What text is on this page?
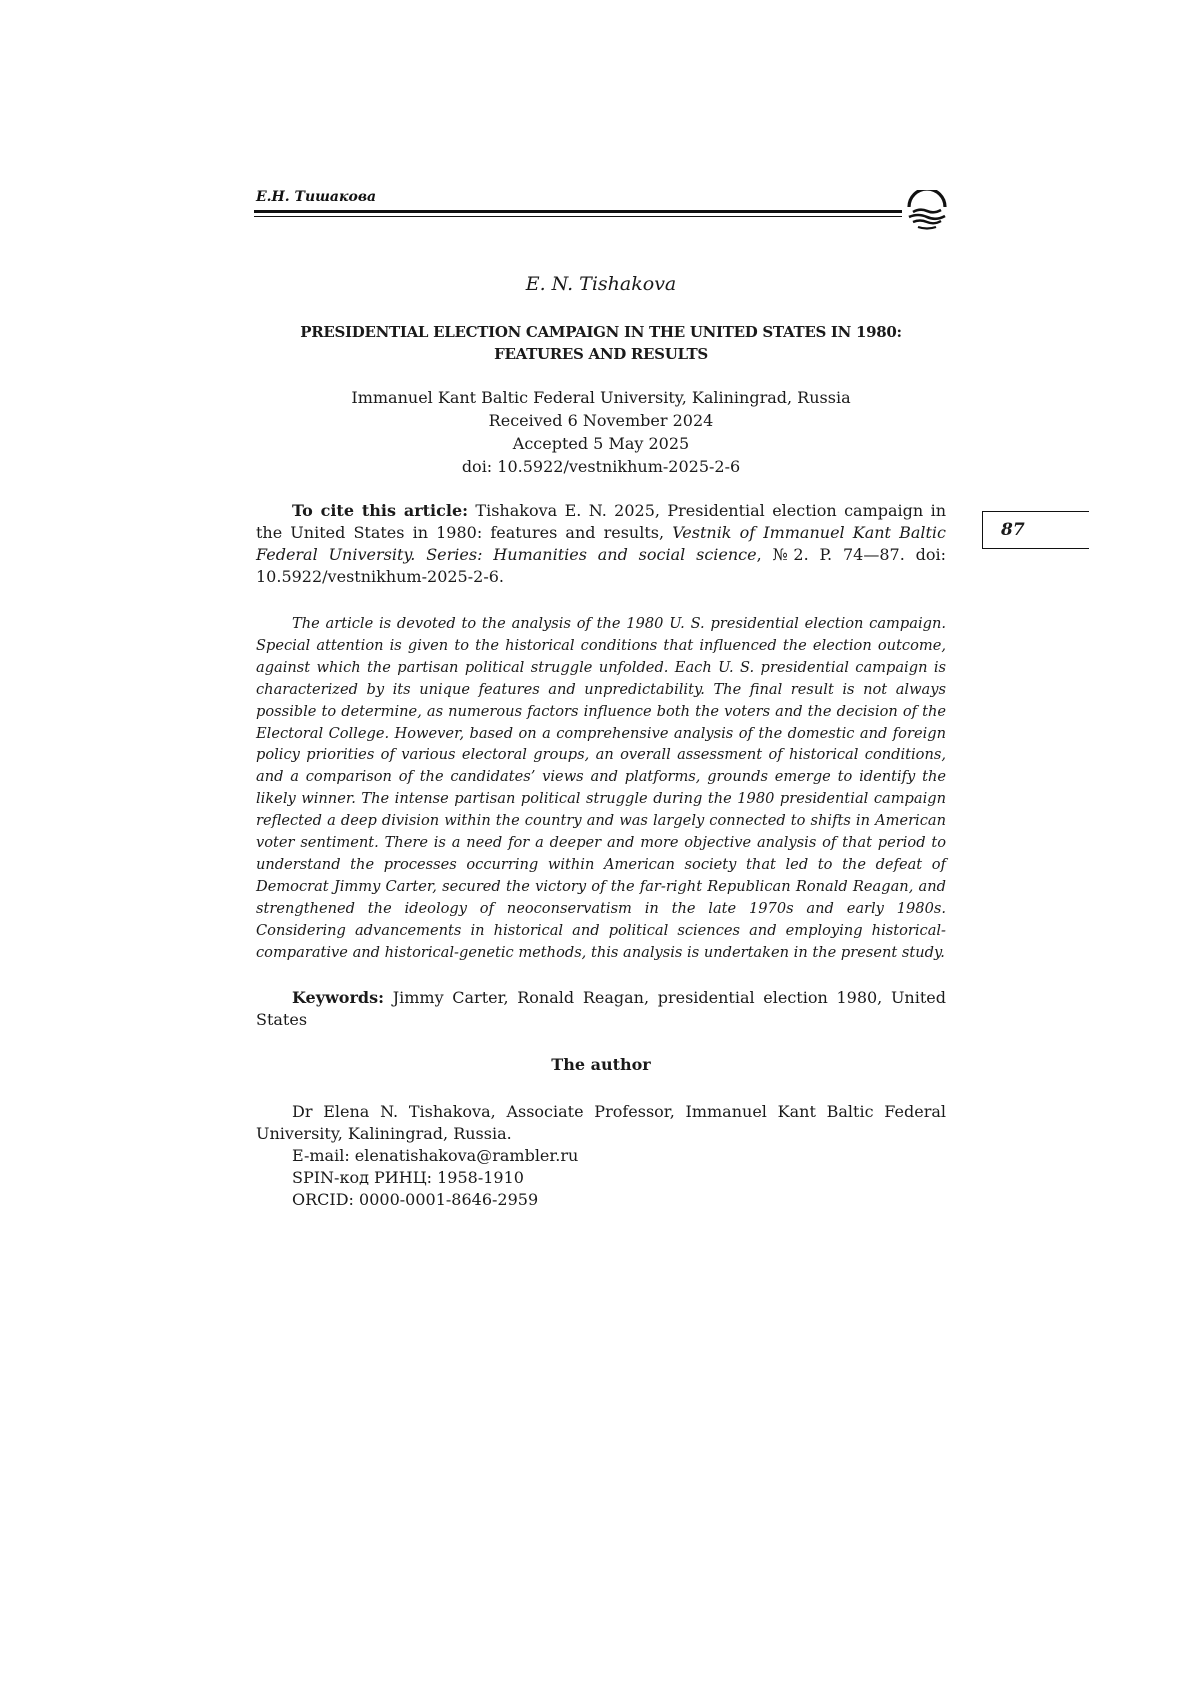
Е.Н. Тишакова
87
E. N. Tishakova
PRESIDENTIAL ELECTION CAMPAIGN IN THE UNITED STATES IN 1980:
FEATURES AND RESULTS
Immanuel Kant Baltic Federal University, Kaliningrad, Russia
Received 6 November 2024
Accepted 5 May 2025
doi: 10.5922/vestnikhum-2025-2-6

To cite this article: Tishakova E. N. 2025, Presidential election campaign in the United States in 1980: features and results, Vestnik of Immanuel Kant Baltic Federal University. Series: Humanities and social science, №2. P. 74—87. doi: 10.5922/vestnikhum-2025-2-6.

The article is devoted to the analysis of the 1980 U. S. presidential election campaign. Special attention is given to the historical conditions that influenced the election outcome, against which the partisan political struggle unfolded. Each U. S. presidential campaign is characterized by its unique features and unpredictability. The final result is not always possible to determine, as numerous factors influence both the voters and the decision of the Electoral College. However, based on a comprehensive analysis of the domestic and foreign policy priorities of various electoral groups, an overall assessment of historical conditions, and a comparison of the candidates’ views and platforms, grounds emerge to identify the likely winner. The intense partisan political struggle during the 1980 presidential campaign reflected a deep division within the country and was largely connected to shifts in American voter sentiment. There is a need for a deeper and more objective analysis of that period to understand the processes occurring within American society that led to the defeat of Democrat Jimmy Carter, secured the victory of the far-right Republican Ronald Reagan, and strengthened the ideology of neoconservatism in the late 1970s and early 1980s. Considering advancements in historical and political sciences and employing historical-comparative and historical-genetic methods, this analysis is undertaken in the present study.

Keywords: Jimmy Carter, Ronald Reagan, presidential election 1980, United States

The author

Dr Elena N. Tishakova, Associate Professor, Immanuel Kant Baltic Federal University, Kaliningrad, Russia.

E-mail: elenatishakova@rambler.ru
SPIN-код РИНЦ: 1958-1910
ORCID: 0000-0001-8646-2959
